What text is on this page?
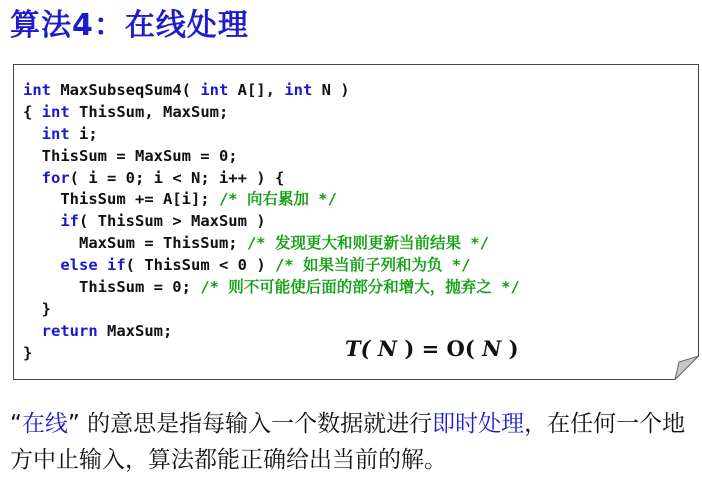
算法4：在线处理
int MaxSubseqSum4( int A[], int N )
{ int ThisSum, MaxSum;
int i;
ThisSum = MaxSum = 0;
for( i = 0; i < N; i++ ) {
ThisSum += A[i]; /* 向右累加 */
if( ThisSum > MaxSum )
MaxSum = ThisSum; /* 发现更大和则更新当前结果 */
else if( ThisSum < 0 ) /* 如果当前子列和为负 */
ThisSum = 0; /* 则不可能使后面的部分和增大，抛弃之 */
}
return MaxSum;
}	T( N ) = O( N )
“在线” 的意思是指每输入一个数据就进行即时处理，在任何一个地方中止输入，算法都能正确给出当前的解。
